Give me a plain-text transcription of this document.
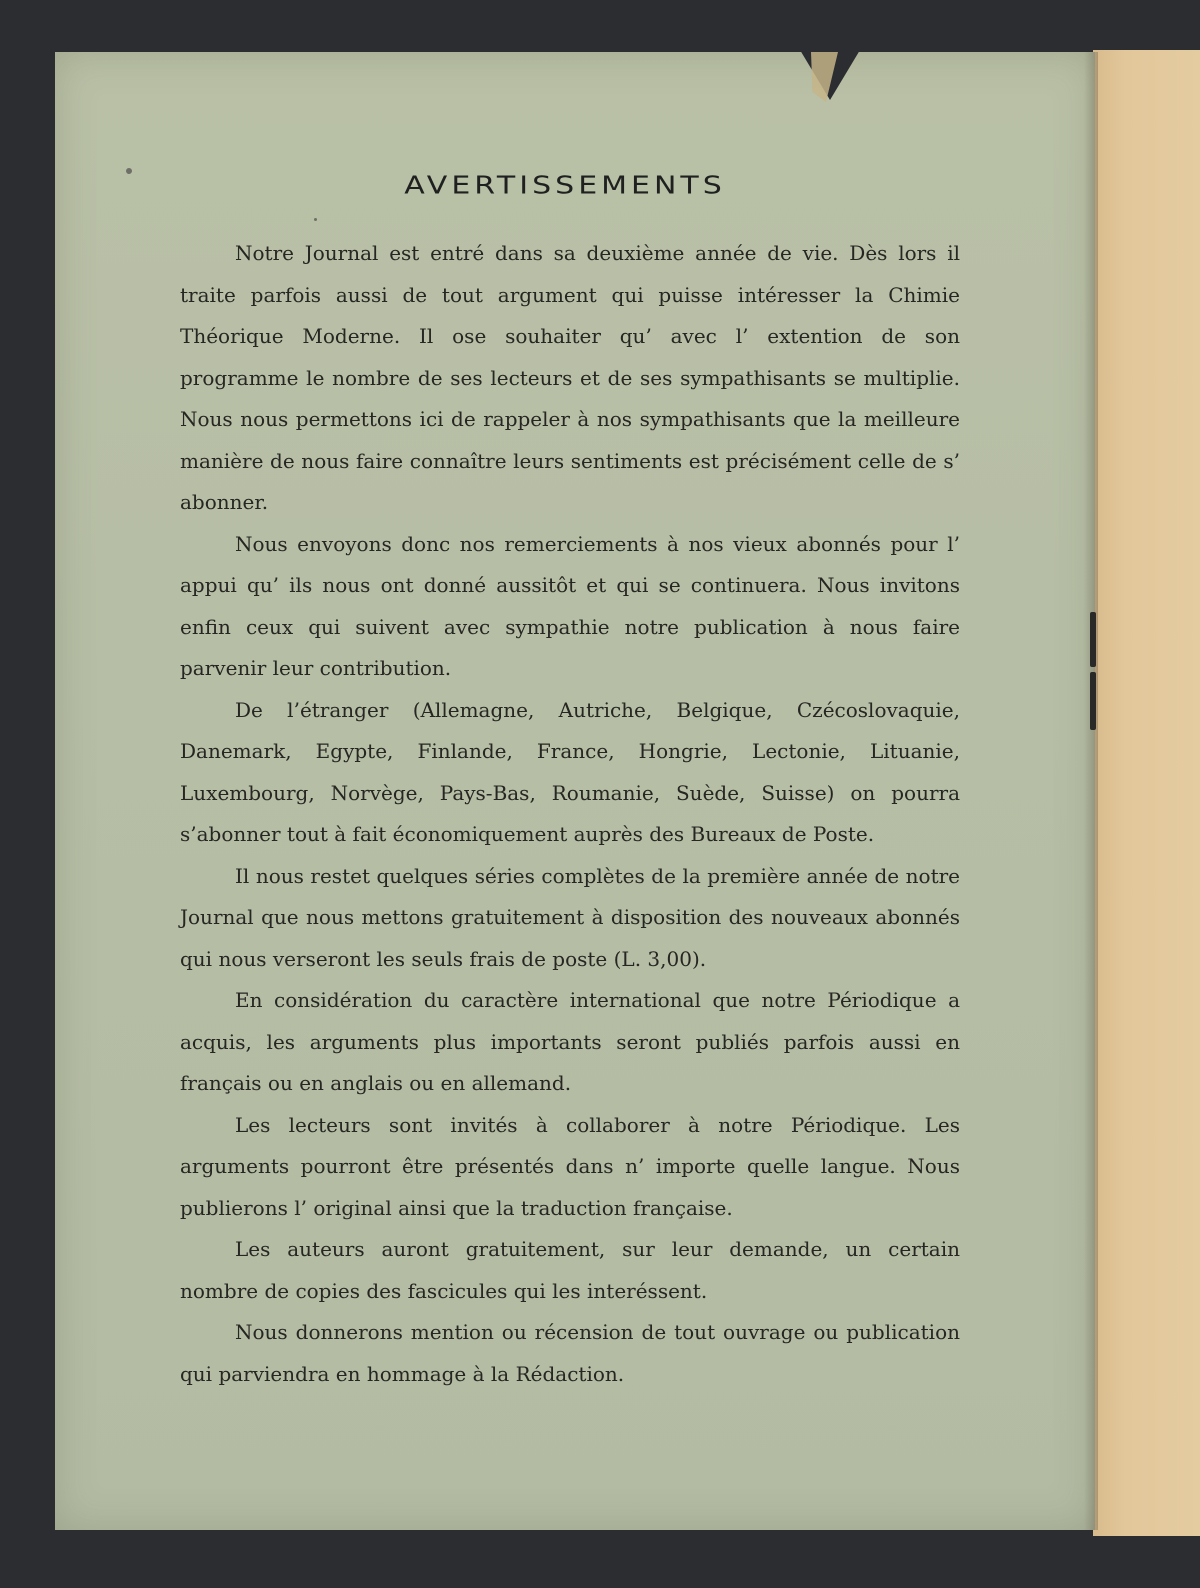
AVERTISSEMENTS

Notre Journal est entré dans sa deuxième année de vie. Dès lors il traite parfois aussi de tout argument qui puisse intéresser la Chimie Théorique Moderne. Il ose souhaiter qu’ avec l’ extention de son programme le nombre de ses lecteurs et de ses sympathisants se multiplie. Nous nous permettons ici de rappeler à nos sympathisants que la meilleure manière de nous faire connaître leurs sentiments est précisément celle de s’ abonner.

Nous envoyons donc nos remerciements à nos vieux abonnés pour l’ appui qu’ ils nous ont donné aussitôt et qui se continuera. Nous invitons enfin ceux qui suivent avec sympathie notre publication à nous faire parvenir leur contribution.

De l’étranger (Allemagne, Autriche, Belgique, Czécoslovaquie, Danemark, Egypte, Finlande, France, Hongrie, Lectonie, Lituanie, Luxembourg, Norvège, Pays-Bas, Roumanie, Suède, Suisse) on pourra s’abonner tout à fait économiquement auprès des Bureaux de Poste.

Il nous restet quelques séries complètes de la première année de notre Journal que nous mettons gratuitement à disposition des nouveaux abonnés qui nous verseront les seuls frais de poste (L. 3,00).

En considération du caractère international que notre Périodique a acquis, les arguments plus importants seront publiés parfois aussi en français ou en anglais ou en allemand.

Les lecteurs sont invités à collaborer à notre Périodique. Les arguments pourront être présentés dans n’ importe quelle langue. Nous publierons l’ original ainsi que la traduction française.

Les auteurs auront gratuitement, sur leur demande, un certain nombre de copies des fascicules qui les interéssent.

Nous donnerons mention ou récension de tout ouvrage ou publication qui parviendra en hommage à la Rédaction.
